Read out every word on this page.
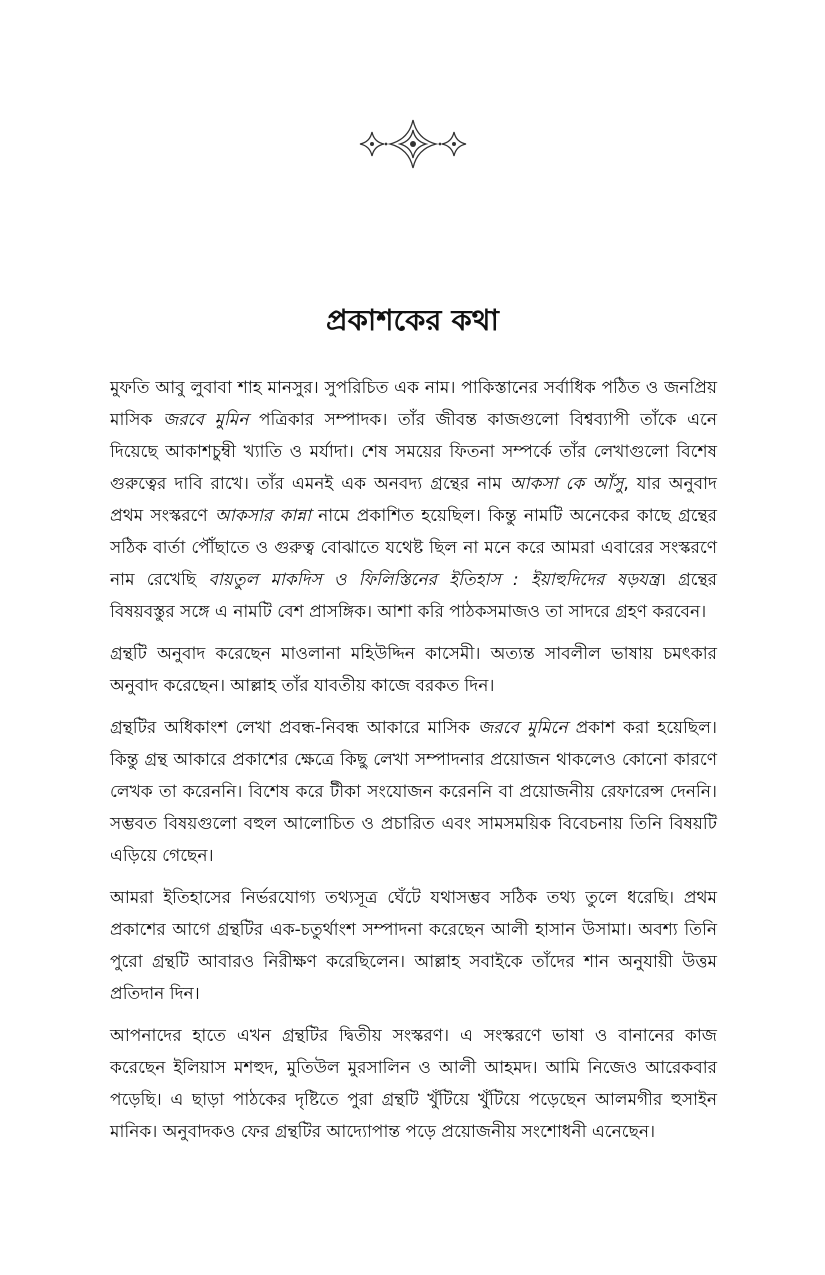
প্রকাশকের কথা

মুফতি আবু লুবাবা শাহ মানসুর। সুপরিচিত এক নাম। পাকিস্তানের সর্বাধিক পঠিত ও জনপ্রিয় মাসিক জরবে মুমিন পত্রিকার সম্পাদক। তাঁর জীবন্ত কাজগুলো বিশ্বব্যাপী তাঁকে এনে দিয়েছে আকাশচুম্বী খ্যাতি ও মর্যাদা। শেষ সময়ের ফিতনা সম্পর্কে তাঁর লেখাগুলো বিশেষ গুরুত্বের দাবি রাখে। তাঁর এমনই এক অনবদ্য গ্রন্থের নাম আকসা কে আঁসু, যার অনুবাদ প্রথম সংস্করণে আকসার কান্না নামে প্রকাশিত হয়েছিল। কিন্তু নামটি অনেকের কাছে গ্রন্থের সঠিক বার্তা পৌঁছাতে ও গুরুত্ব বোঝাতে যথেষ্ট ছিল না মনে করে আমরা এবারের সংস্করণে নাম রেখেছি বায়তুল মাকদিস ও ফিলিস্তিনের ইতিহাস : ইয়াহুদিদের ষড়যন্ত্র। গ্রন্থের বিষয়বস্তুর সঙ্গে এ নামটি বেশ প্রাসঙ্গিক। আশা করি পাঠকসমাজও তা সাদরে গ্রহণ করবেন।

গ্রন্থটি অনুবাদ করেছেন মাওলানা মহিউদ্দিন কাসেমী। অত্যন্ত সাবলীল ভাষায় চমৎকার অনুবাদ করেছেন। আল্লাহ তাঁর যাবতীয় কাজে বরকত দিন।

গ্রন্থটির অধিকাংশ লেখা প্রবন্ধ-নিবন্ধ আকারে মাসিক জরবে মুমিনে প্রকাশ করা হয়েছিল। কিন্তু গ্রন্থ আকারে প্রকাশের ক্ষেত্রে কিছু লেখা সম্পাদনার প্রয়োজন থাকলেও কোনো কারণে লেখক তা করেননি। বিশেষ করে টীকা সংযোজন করেননি বা প্রয়োজনীয় রেফারেন্স দেননি। সম্ভবত বিষয়গুলো বহুল আলোচিত ও প্রচারিত এবং সামসময়িক বিবেচনায় তিনি বিষয়টি এড়িয়ে গেছেন।

আমরা ইতিহাসের নির্ভরযোগ্য তথ্যসূত্র ঘেঁটে যথাসম্ভব সঠিক তথ্য তুলে ধরেছি। প্রথম প্রকাশের আগে গ্রন্থটির এক-চতুর্থাংশ সম্পাদনা করেছেন আলী হাসান উসামা। অবশ্য তিনি পুরো গ্রন্থটি আবারও নিরীক্ষণ করেছিলেন। আল্লাহ সবাইকে তাঁদের শান অনুযায়ী উত্তম প্রতিদান দিন।

আপনাদের হাতে এখন গ্রন্থটির দ্বিতীয় সংস্করণ। এ সংস্করণে ভাষা ও বানানের কাজ করেছেন ইলিয়াস মশহুদ, মুতিউল মুরসালিন ও আলী আহমদ। আমি নিজেও আরেকবার পড়েছি। এ ছাড়া পাঠকের দৃষ্টিতে পুরা গ্রন্থটি খুঁটিয়ে খুঁটিয়ে পড়েছেন আলমগীর হুসাইন মানিক। অনুবাদকও ফের গ্রন্থটির আদ্যোপান্ত পড়ে প্রয়োজনীয় সংশোধনী এনেছেন।
